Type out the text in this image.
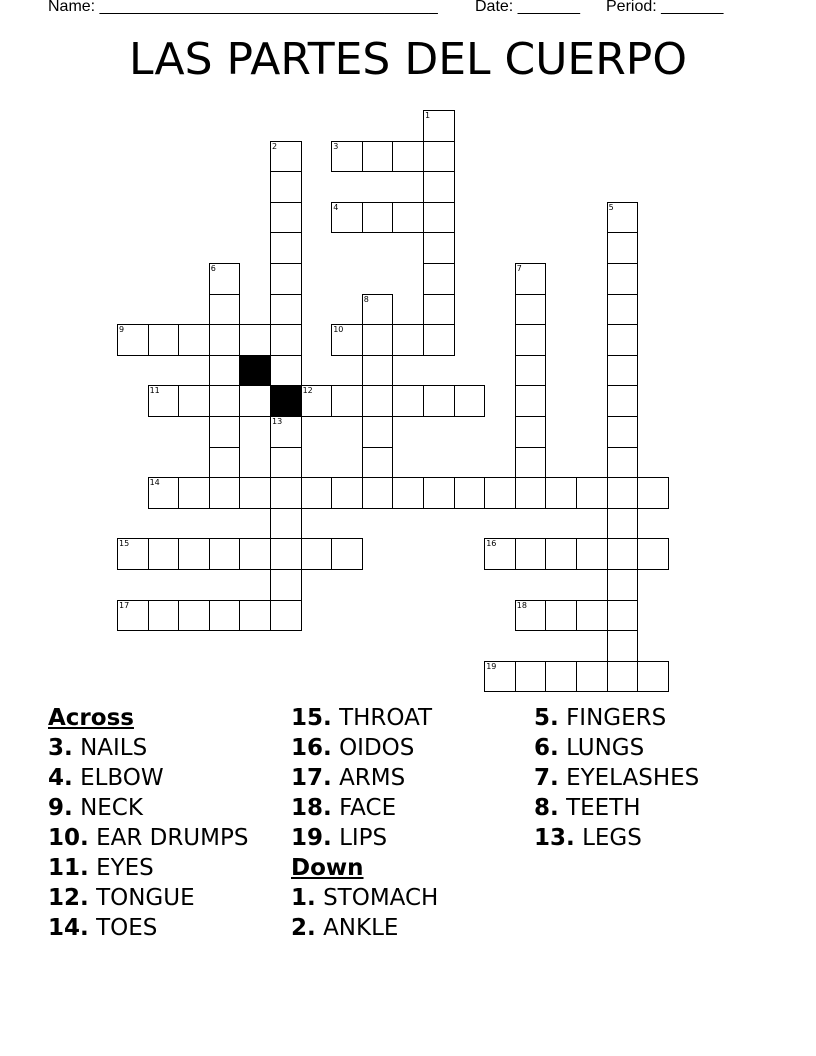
Name: ______________________________________ Date: _______ Period: _______
LAS PARTES DEL CUERPO
1
2
5
6	7
8
13
3
4
9	10
11	12
14
15	16
17	18
19
Across
3. NAILS
4. ELBOW
9. NECK
10. EAR DRUMPS
11. EYES
12. TONGUE
14. TOES
15. THROAT
16. OIDOS
17. ARMS
18. FACE
19. LIPS
Down
1. STOMACH
2. ANKLE
5. FINGERS
6. LUNGS
7. EYELASHES
8. TEETH
13. LEGS
